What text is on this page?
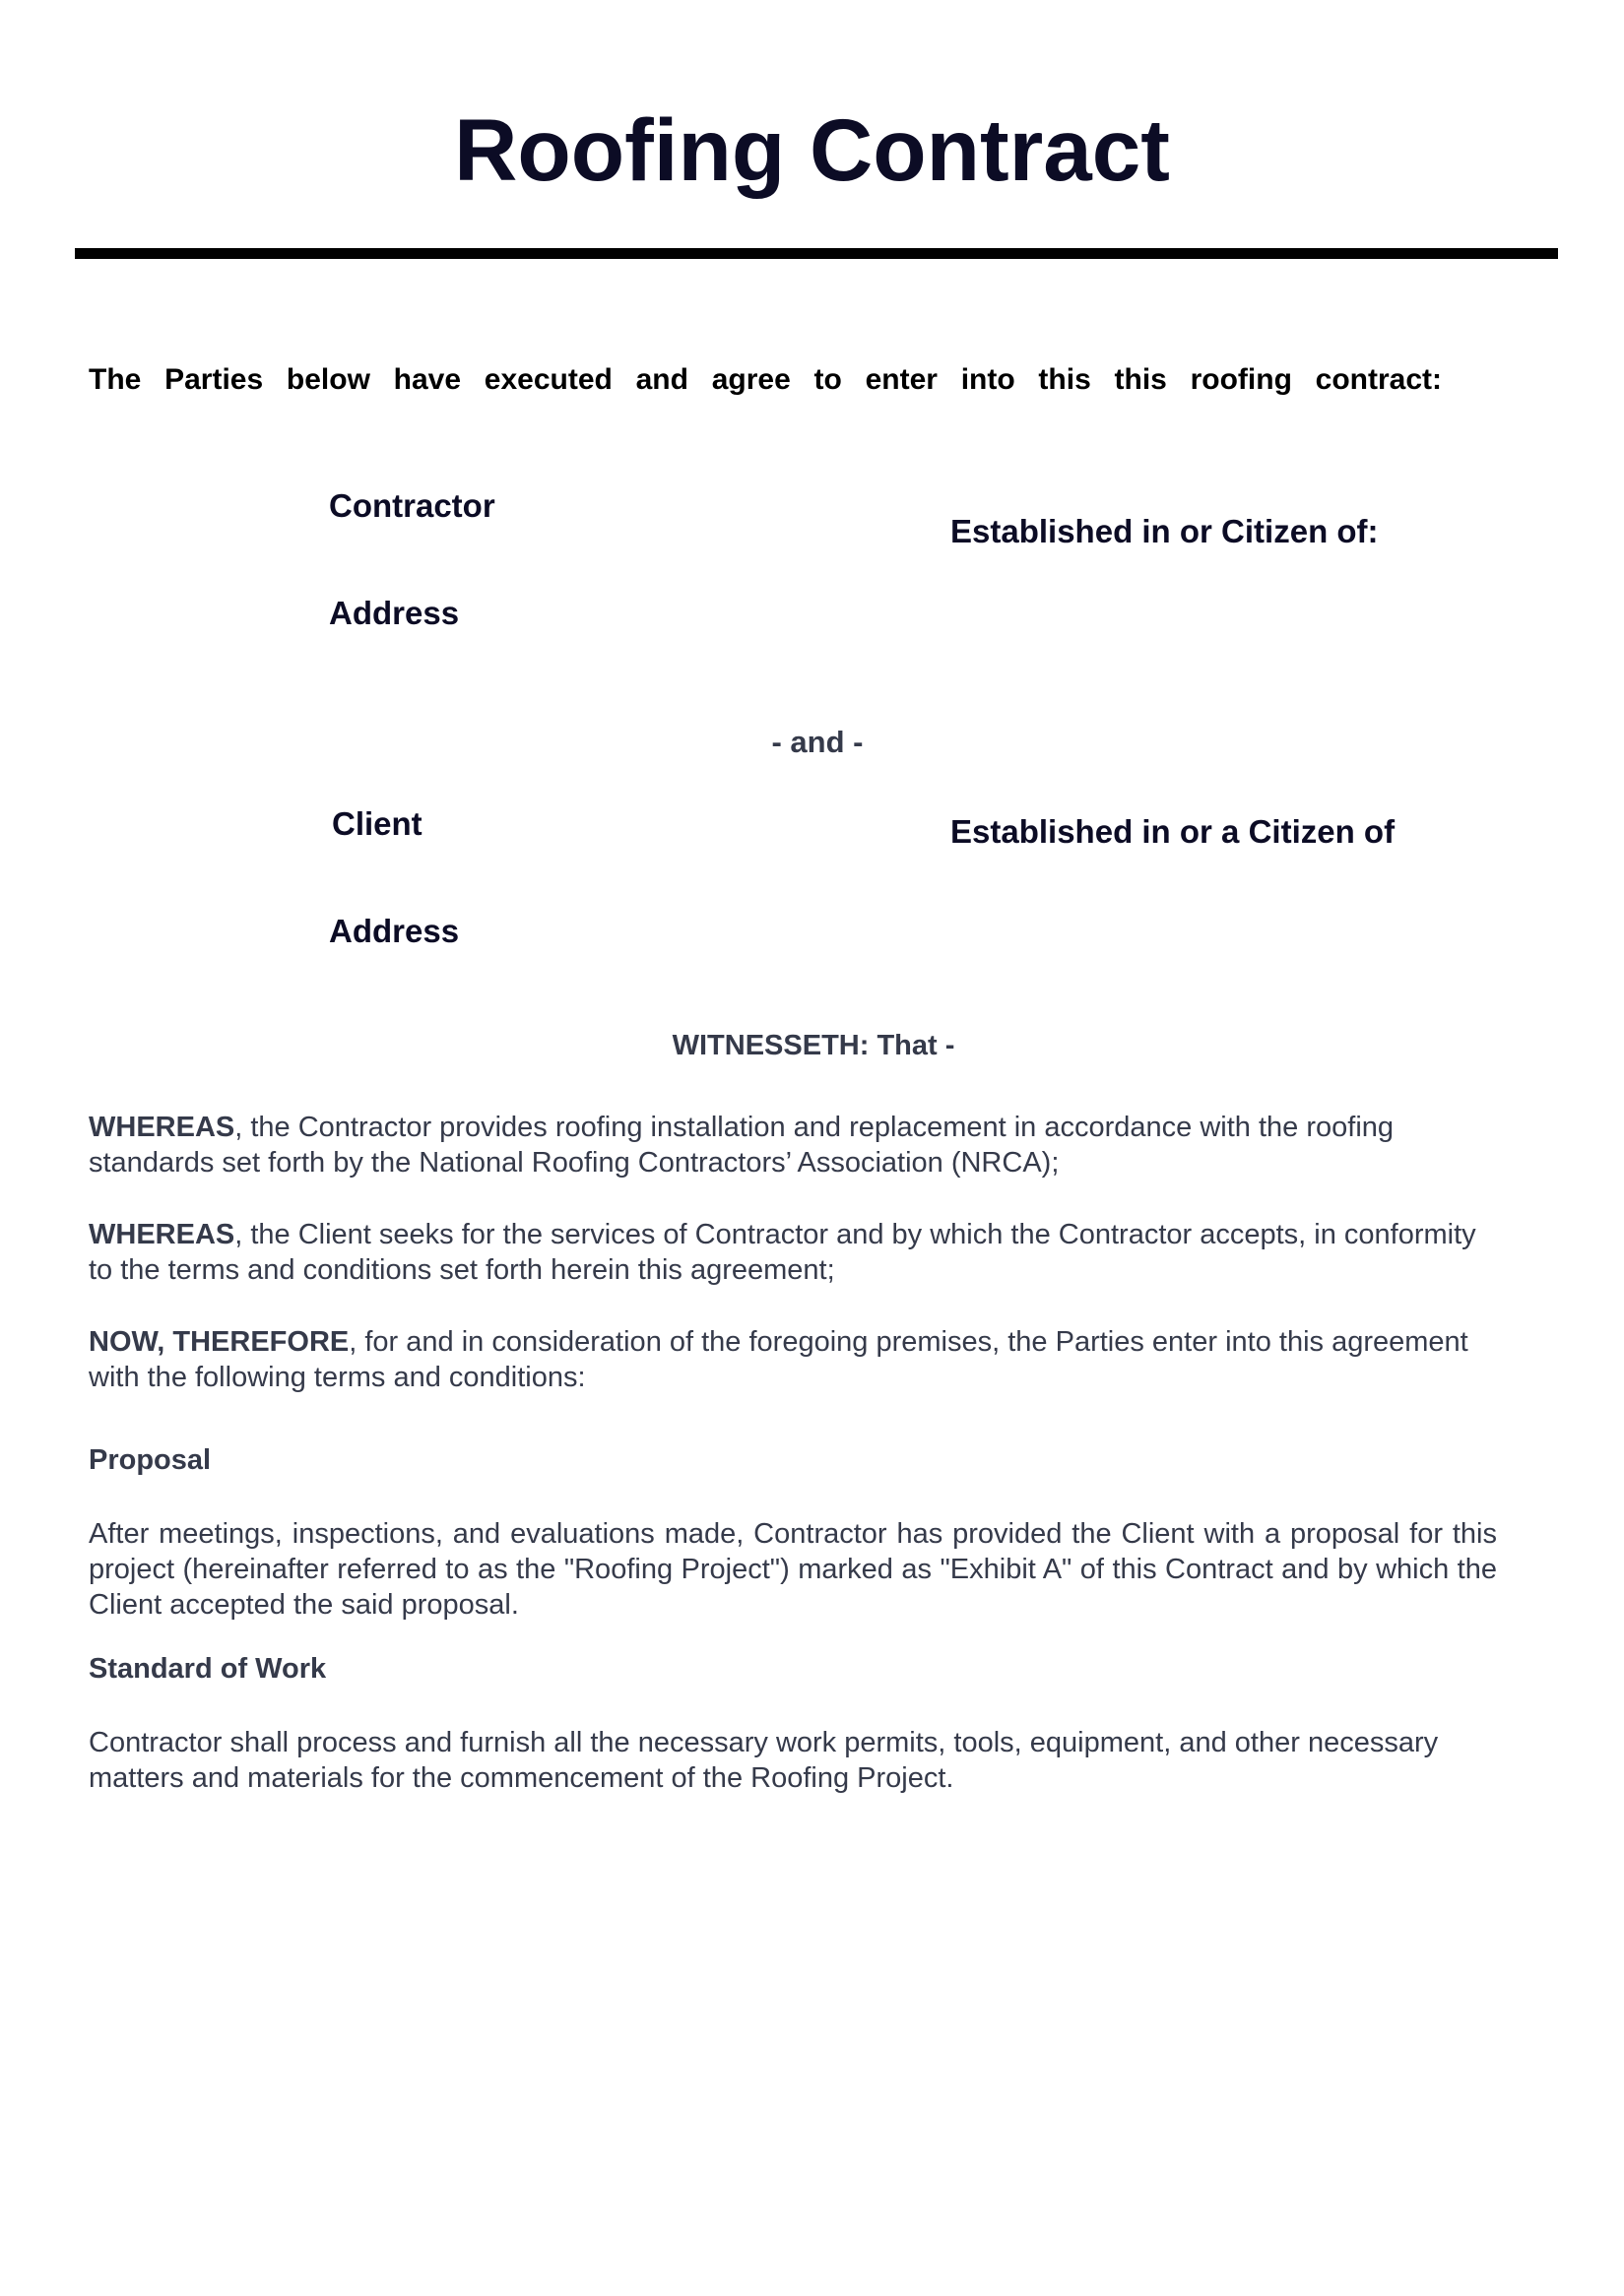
Roofing Contract

The Parties below have executed and agree to enter into this this roofing contract:

Contractor
Established in or Citizen of:
Address
- and -
Client	Established in or a Citizen of
Address
WITNESSETH: That -

WHEREAS, the Contractor provides roofing installation and replacement in accordance with the roofing standards set forth by the National Roofing Contractors’ Association (NRCA);

WHEREAS, the Client seeks for the services of Contractor and by which the Contractor accepts, in conformity to the terms and conditions set forth herein this agreement;

NOW, THEREFORE, for and in consideration of the foregoing premises, the Parties enter into this agreement with the following terms and conditions:

Proposal

After meetings, inspections, and evaluations made, Contractor has provided the Client with a proposal for this project (hereinafter referred to as the "Roofing Project") marked as "Exhibit A" of this Contract and by which the Client accepted the said proposal.

Standard of Work

Contractor shall process and furnish all the necessary work permits, tools, equipment, and other necessary matters and materials for the commencement of the Roofing Project.
